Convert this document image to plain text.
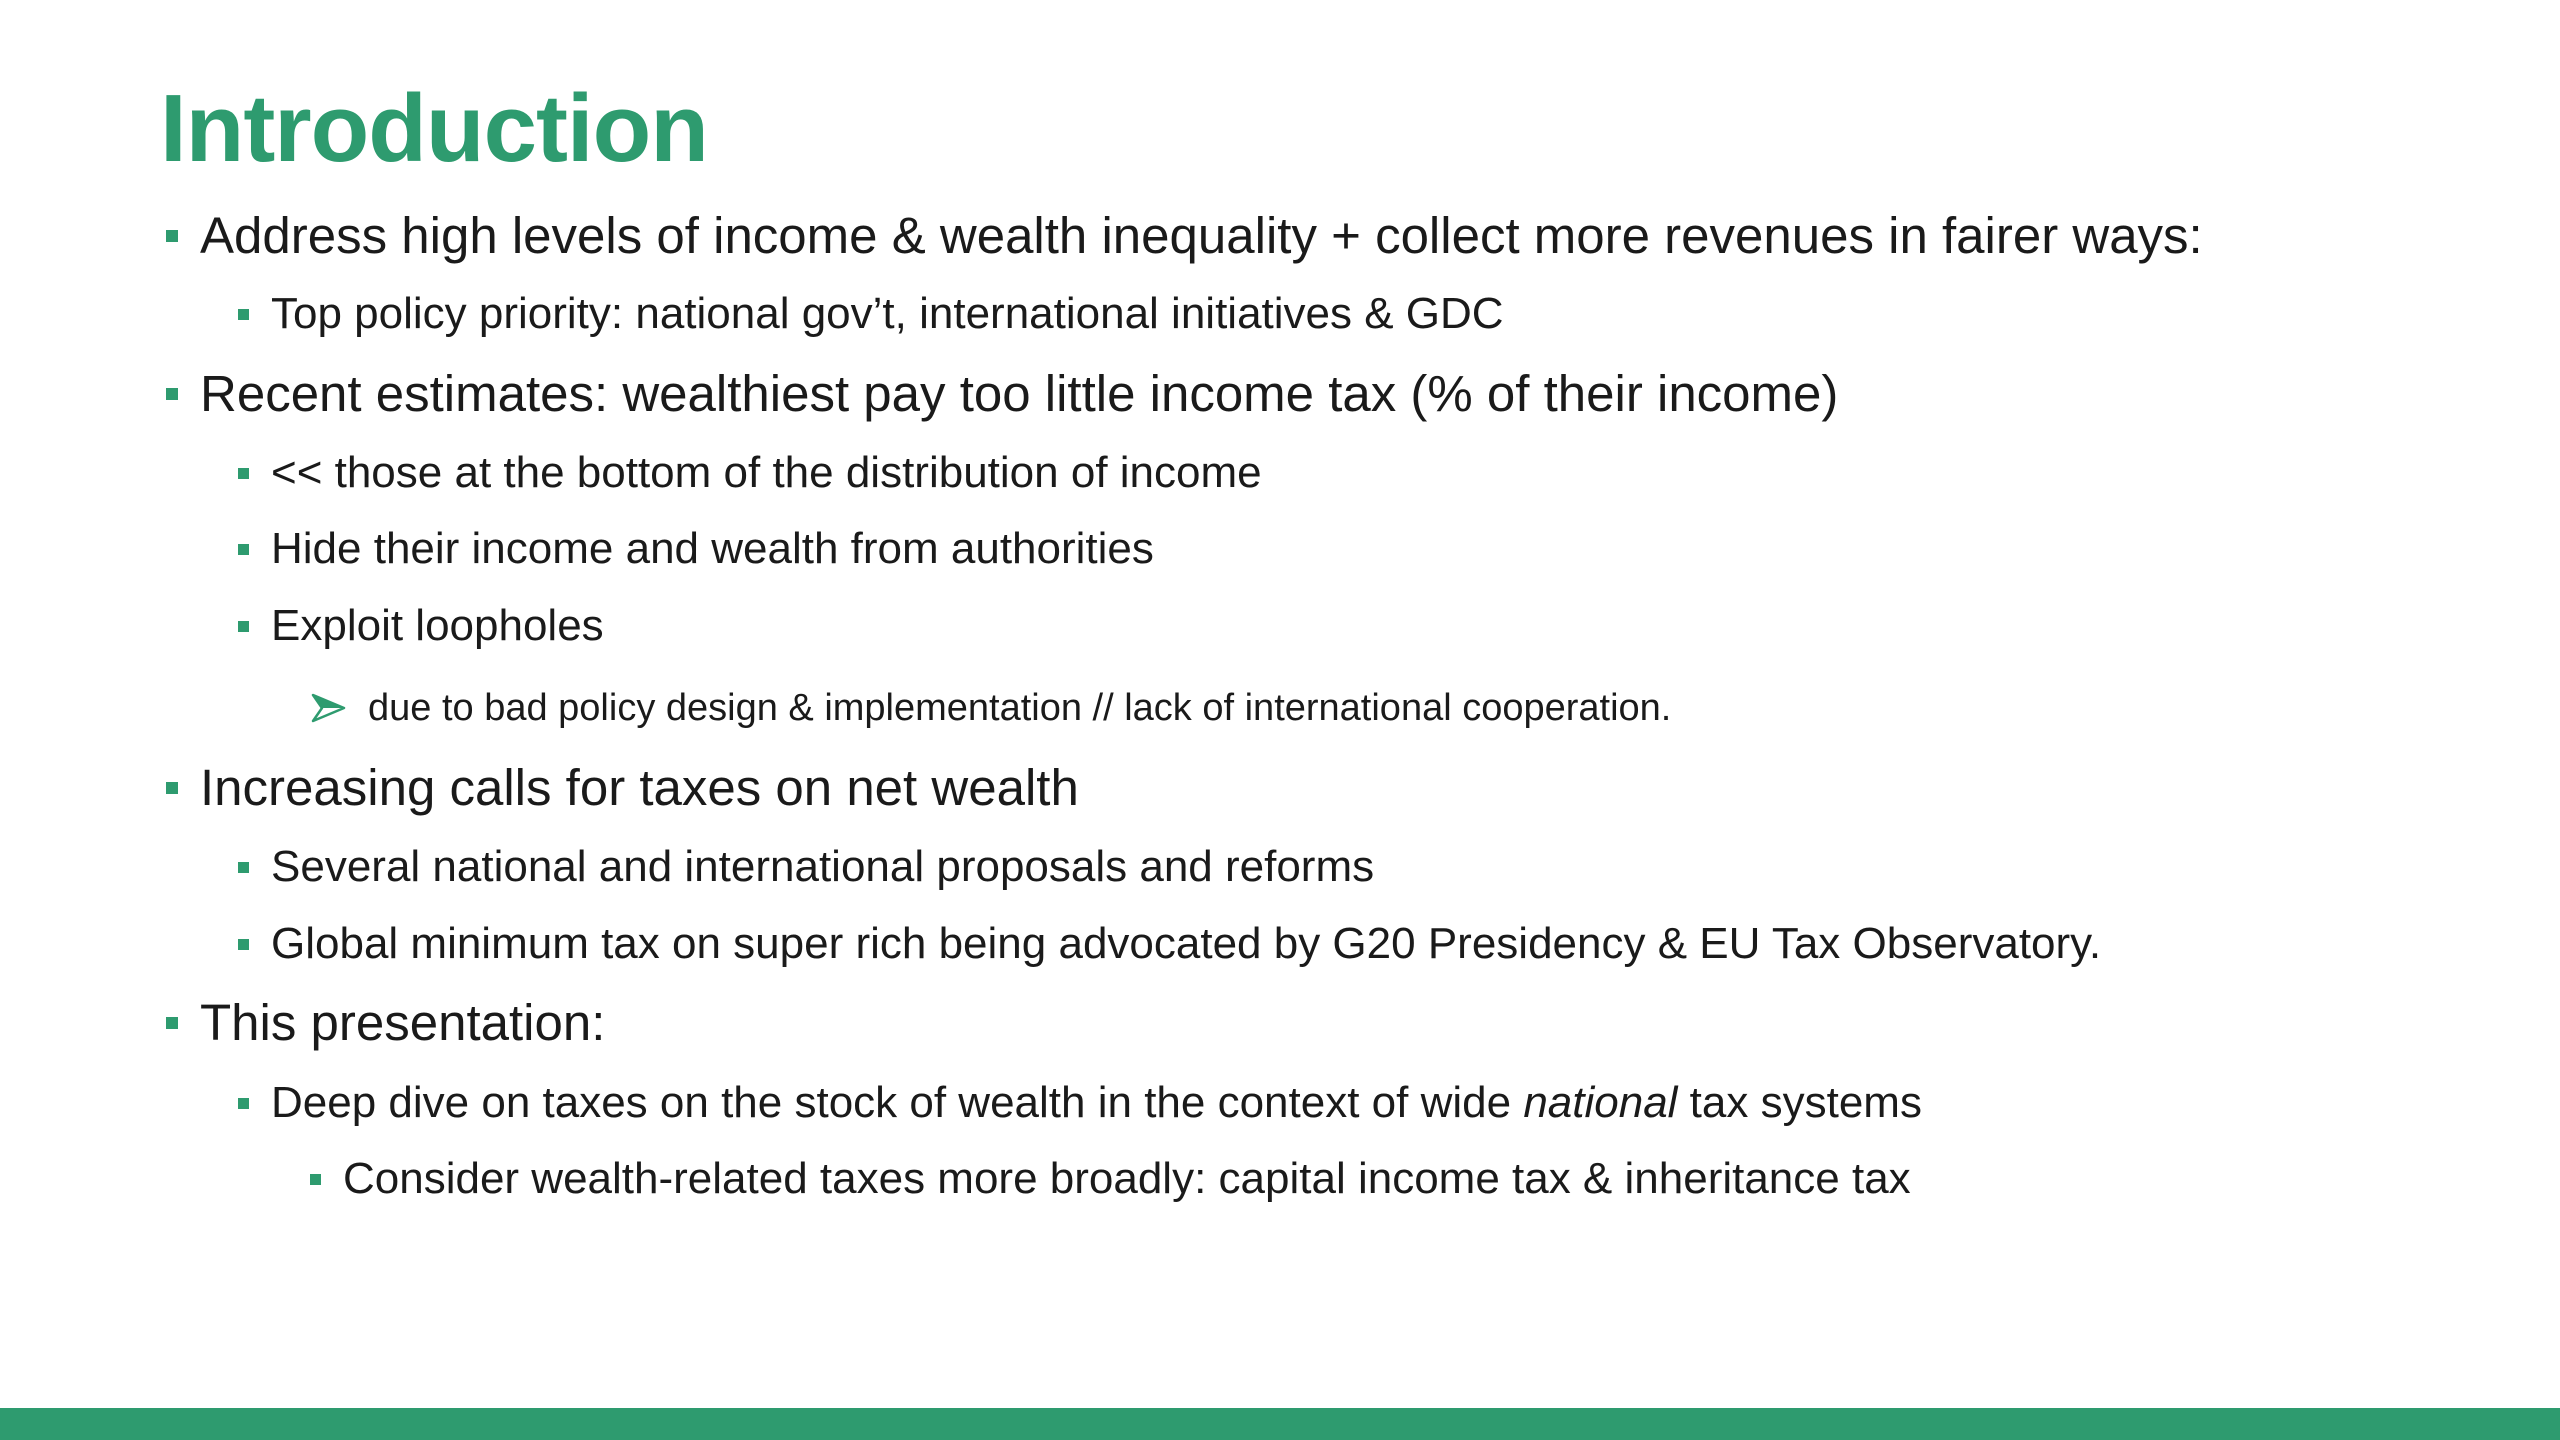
Introduction
Address high levels of income & wealth inequality + collect more revenues in fairer ways:
Top policy priority: national gov’t, international initiatives & GDC
Recent estimates: wealthiest pay too little income tax (% of their income)
<< those at the bottom of the distribution of income
Hide their income and wealth from authorities
Exploit loopholes
due to bad policy design & implementation // lack of international cooperation.
Increasing calls for taxes on net wealth
Several national and international proposals and reforms
Global minimum tax on super rich being advocated by G20 Presidency & EU Tax Observatory.
This presentation:
Deep dive on taxes on the stock of wealth in the context of wide national tax systems
Consider wealth-related taxes more broadly: capital income tax & inheritance tax
